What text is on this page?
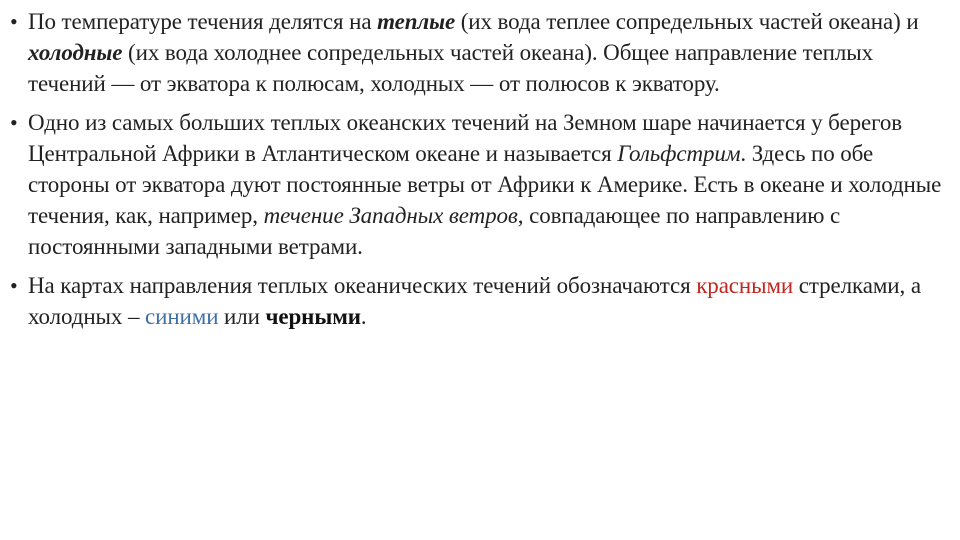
• По температуре течения делятся на теплые (их вода теплее сопредельных частей океана) и холодные (их вода холоднее сопредельных частей океана). Общее направление теплых течений — от экватора к полюсам, холодных — от полюсов к экватору.
• Одно из самых больших теплых океанских течений на Земном шаре начинается у берегов Центральной Африки в Атлантическом океане и называется Гольфстрим. Здесь по обе стороны от экватора дуют постоянные ветры от Африки к Америке. Есть в океане и холодные течения, как, например, течение Западных ветров, совпадающее по направлению с постоянными западными ветрами.
• На картах направления теплых океанических течений обозначаются красными стрелками, а холодных – синими или черными.
